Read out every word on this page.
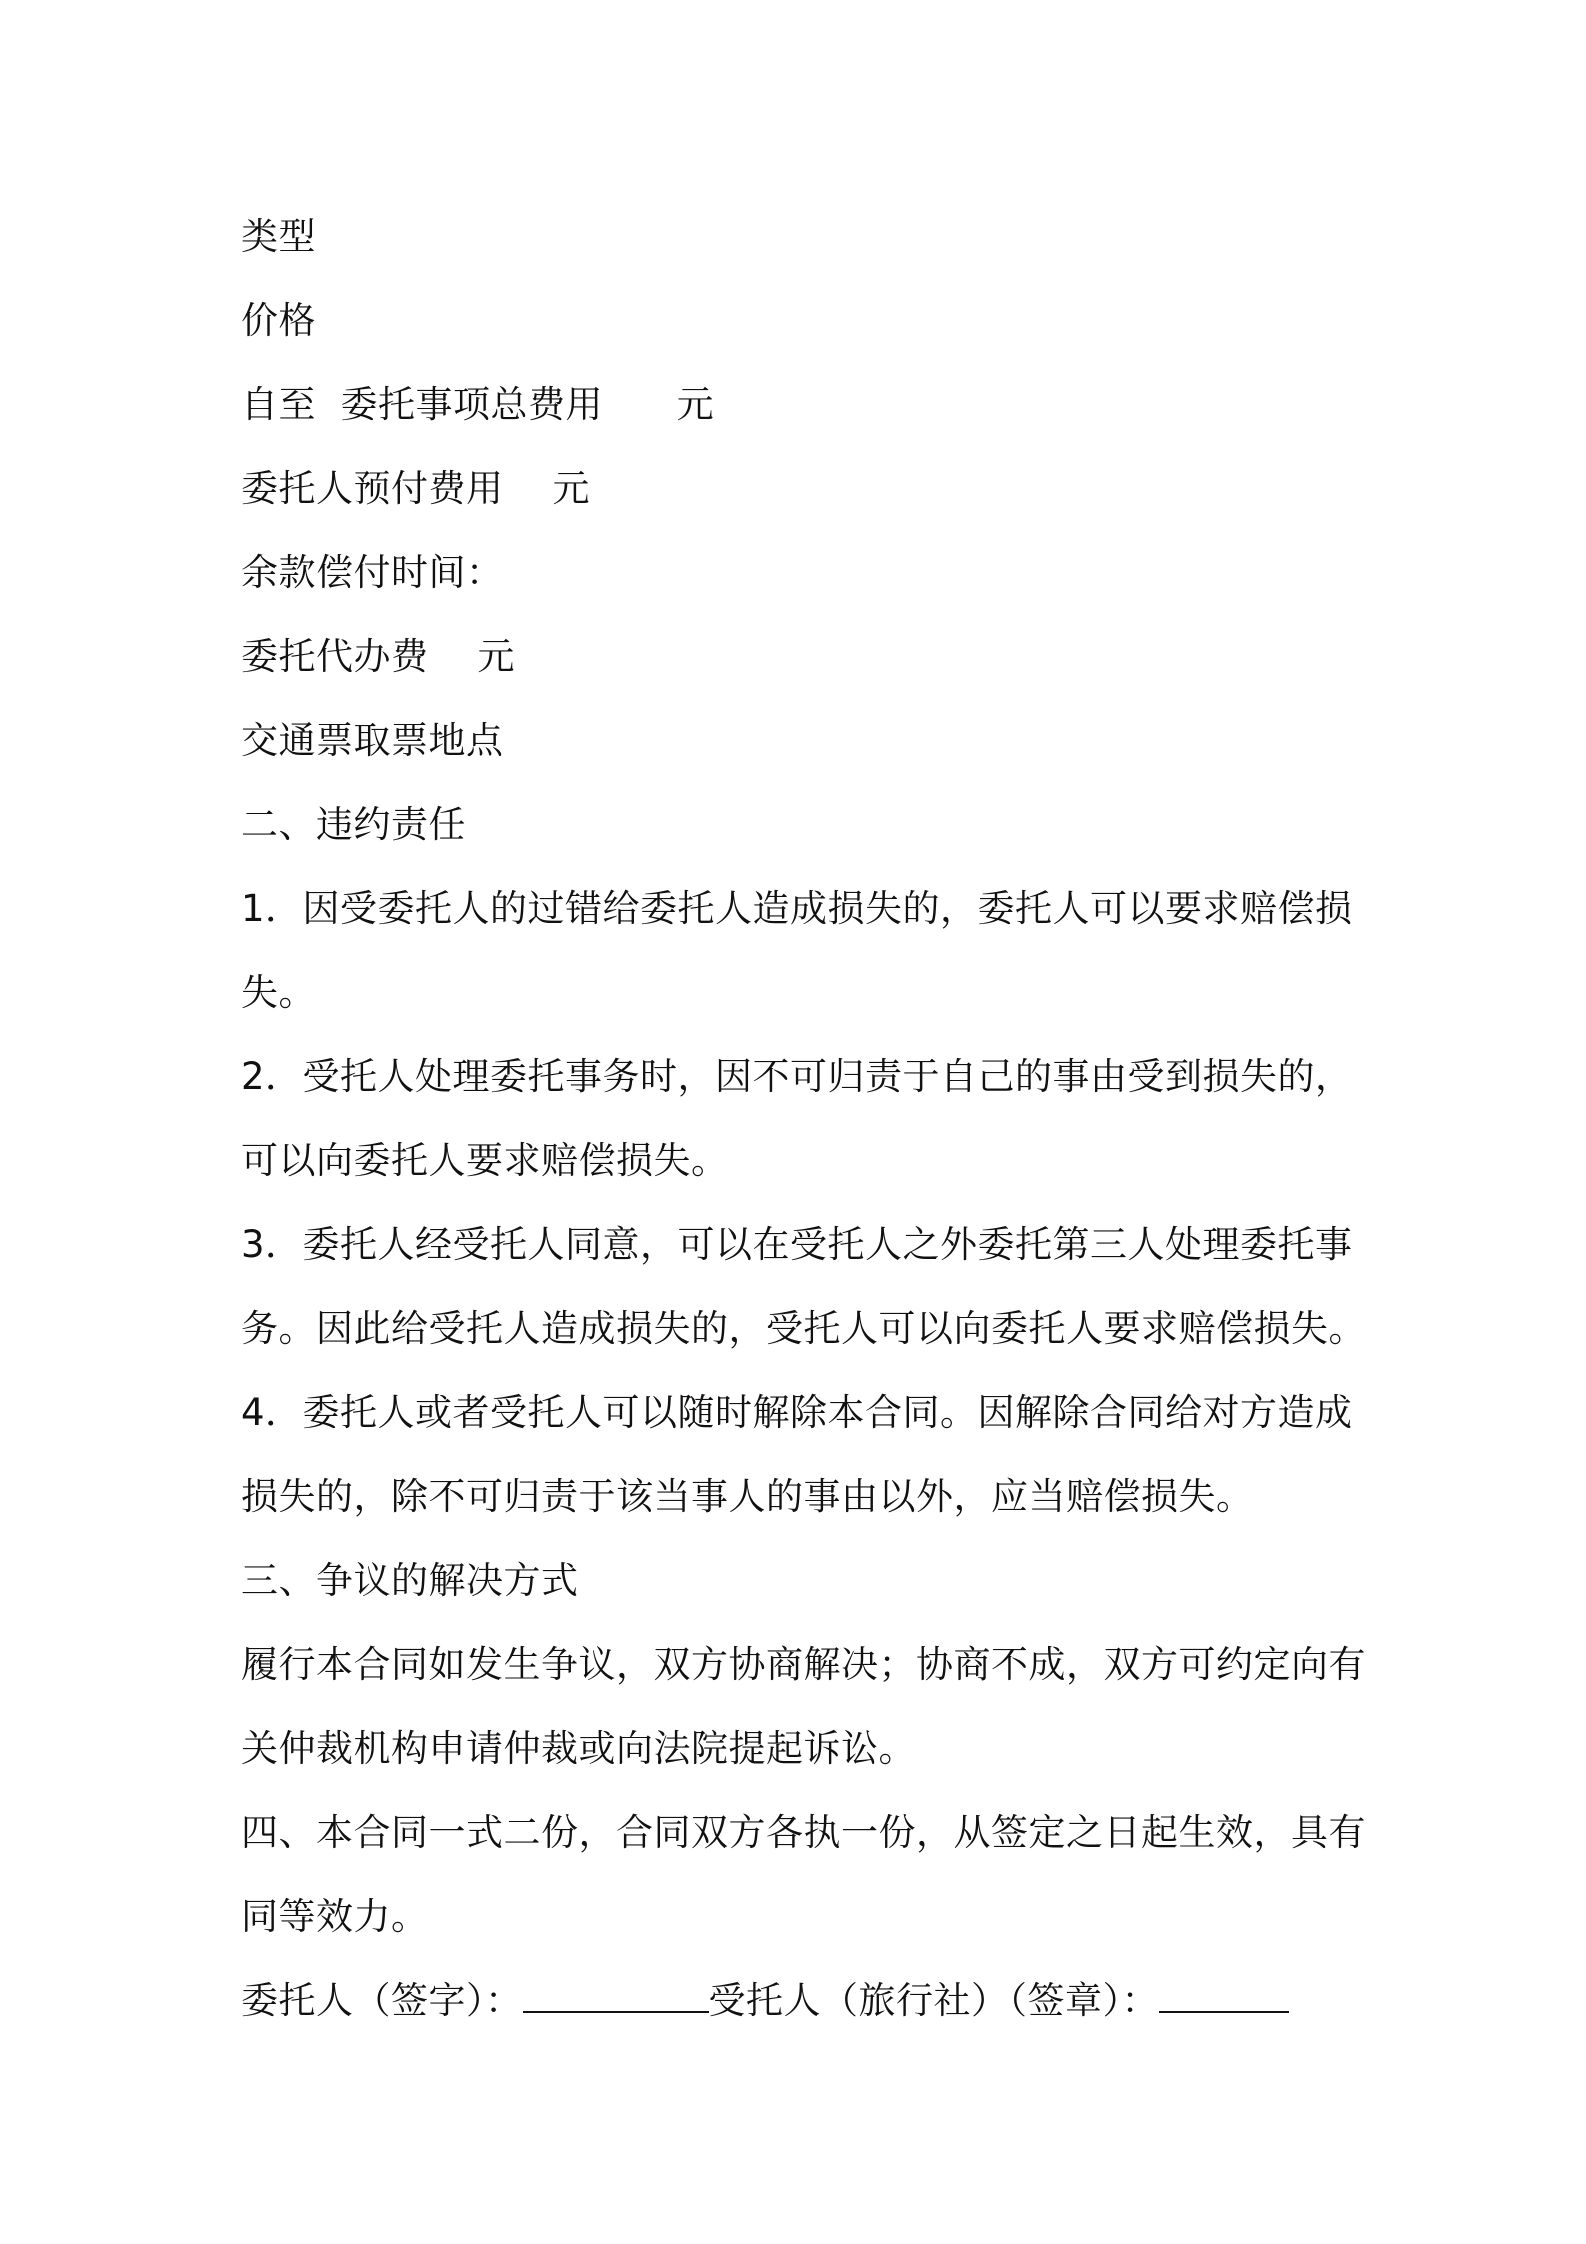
类型
价格
自至  委托事项总费用      元
委托人预付费用    元
余款偿付时间：
委托代办费    元
交通票取票地点
二、违约责任
1．因受委托人的过错给委托人造成损失的，委托人可以要求赔偿损
失。
2．受托人处理委托事务时，因不可归责于自己的事由受到损失的，
可以向委托人要求赔偿损失。
3．委托人经受托人同意，可以在受托人之外委托第三人处理委托事
务。因此给受托人造成损失的，受托人可以向委托人要求赔偿损失。
4．委托人或者受托人可以随时解除本合同。因解除合同给对方造成
损失的，除不可归责于该当事人的事由以外，应当赔偿损失。
三、争议的解决方式
履行本合同如发生争议，双方协商解决；协商不成，双方可约定向有
关仲裁机构申请仲裁或向法院提起诉讼。
四、本合同一式二份，合同双方各执一份，从签定之日起生效，具有
同等效力。
委托人（签字）：	受托人（旅行社）（签章）：
